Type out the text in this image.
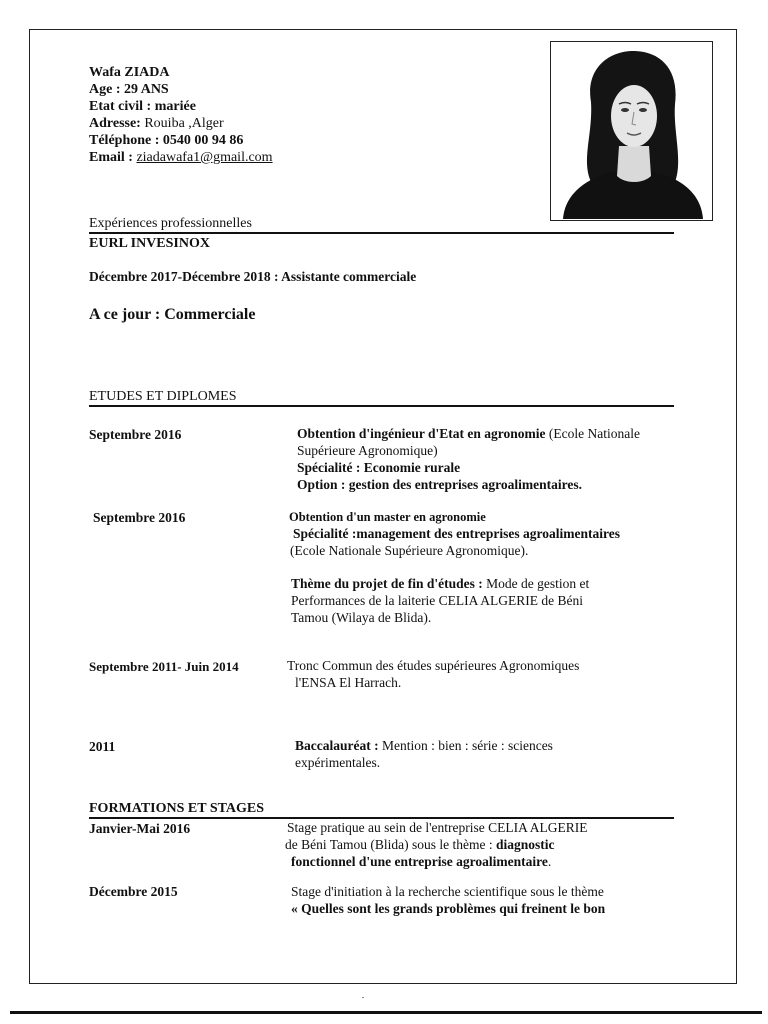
Wafa ZIADA
Age : 29 ANS
Etat civil : mariée
Adresse: Rouiba ,Alger
Téléphone : 0540 00 94 86
Email : ziadawafa1@gmail.com
Expériences professionnelles
EURL INVESINOX
Décembre 2017-Décembre 2018 : Assistante commerciale
A ce jour : Commerciale
ETUDES ET DIPLOMES
Septembre 2016	Obtention d'ingénieur d'Etat en agronomie (Ecole Nationale
Supérieure Agronomique)
Spécialité : Economie rurale
Option : gestion des entreprises agroalimentaires.
Septembre 2016	Obtention d'un master en agronomie
Spécialité :management des entreprises agroalimentaires
(Ecole Nationale Supérieure Agronomique).
Thème du projet de fin d'études : Mode de gestion et
Performances de la laiterie CELIA ALGERIE de Béni
Tamou (Wilaya de Blida).
Septembre 2011- Juin 2014	Tronc Commun des études supérieures Agronomiques
l'ENSA El Harrach.
2011	Baccalauréat : Mention : bien : série : sciences
expérimentales.
FORMATIONS ET STAGES
Janvier-Mai 2016	Stage pratique au sein de l'entreprise CELIA ALGERIE
de Béni Tamou (Blida) sous le thème : diagnostic
fonctionnel d'une entreprise agroalimentaire.
Décembre 2015	Stage d'initiation à la recherche scientifique sous le thème
« Quelles sont les grands problèmes qui freinent le bon
